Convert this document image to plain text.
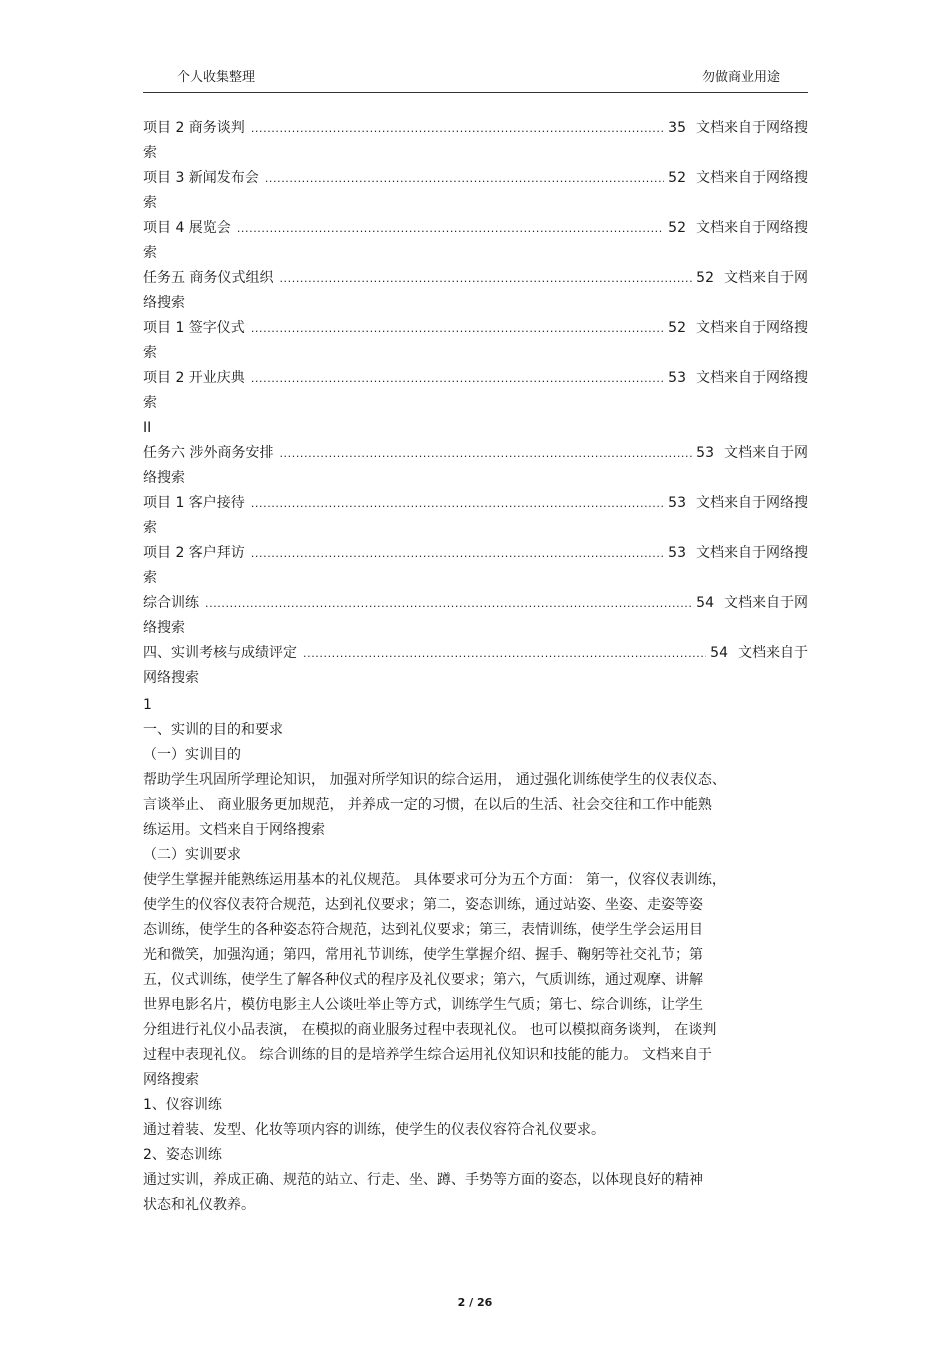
个人收集整理	勿做商业用途
项目 2 商务谈判 .....	35 文档来自于网络搜
索
项目 3 新闻发布会 .....	52 文档来自于网络搜
索
项目 4 展览会 .....	52 文档来自于网络搜
索
任务五 商务仪式组织 .....	52 文档来自于网
络搜索
项目 1 签字仪式 .....	52 文档来自于网络搜
索
项目 2 开业庆典 .....	53 文档来自于网络搜
索
II
任务六 涉外商务安排 .....	53 文档来自于网
络搜索
项目 1 客户接待 .....	53 文档来自于网络搜
索
项目 2 客户拜访 .....	53 文档来自于网络搜
索
综合训练 .....	54 文档来自于网
络搜索
四、实训考核与成绩评定 .....	54 文档来自于
网络搜索
1
一、实训的目的和要求
（一）实训目的
帮助学生巩固所学理论知识， 加强对所学知识的综合运用， 通过强化训练使学生的仪表仪态、
言谈举止、 商业服务更加规范， 并养成一定的习惯，在以后的生活、社会交往和工作中能熟
练运用。文档来自于网络搜索
（二）实训要求
使学生掌握并能熟练运用基本的礼仪规范。 具体要求可分为五个方面： 第一，仪容仪表训练，
使学生的仪容仪表符合规范，达到礼仪要求；第二，姿态训练，通过站姿、坐姿、走姿等姿
态训练，使学生的各种姿态符合规范，达到礼仪要求；第三，表情训练，使学生学会运用目
光和微笑，加强沟通；第四，常用礼节训练，使学生掌握介绍、握手、鞠躬等社交礼节；第
五，仪式训练，使学生了解各种仪式的程序及礼仪要求；第六，气质训练，通过观摩、讲解
世界电影名片，模仿电影主人公谈吐举止等方式，训练学生气质；第七、综合训练，让学生
分组进行礼仪小品表演， 在模拟的商业服务过程中表现礼仪。 也可以模拟商务谈判， 在谈判
过程中表现礼仪。 综合训练的目的是培养学生综合运用礼仪知识和技能的能力。 文档来自于
网络搜索
1、仪容训练
通过着装、发型、化妆等项内容的训练，使学生的仪表仪容符合礼仪要求。
2、姿态训练
通过实训，养成正确、规范的站立、行走、坐、蹲、手势等方面的姿态，以体现良好的精神
状态和礼仪教养。
2 / 26
